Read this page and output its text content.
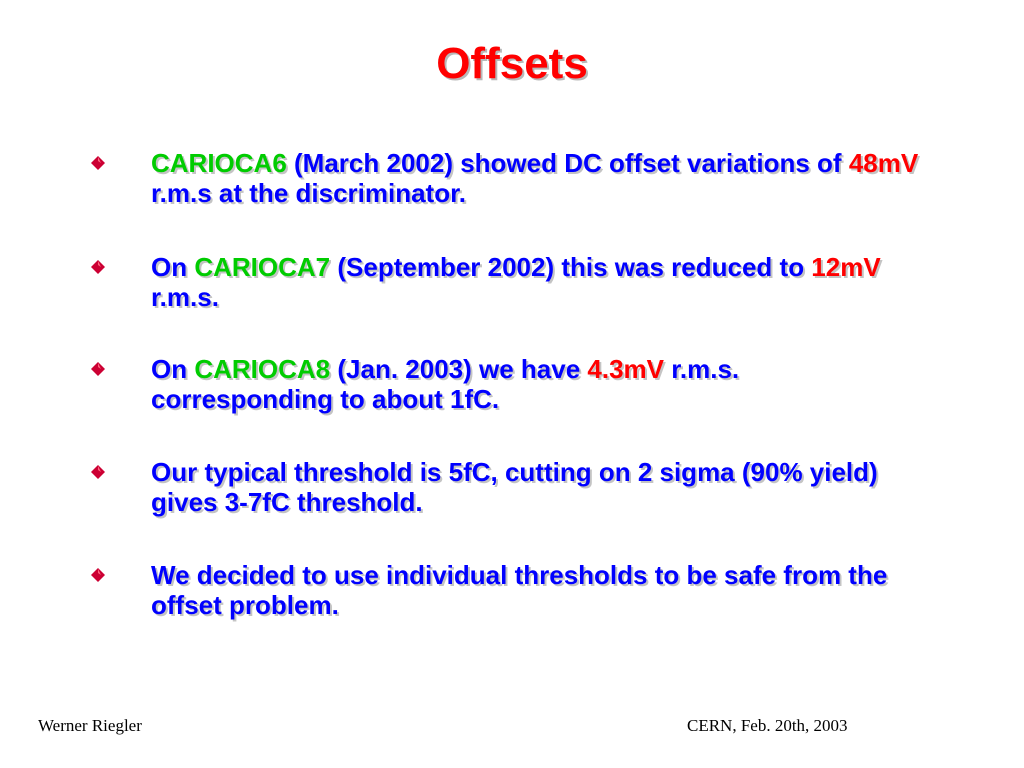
Offsets
CARIOCA6 (March 2002) showed DC offset variations of 48mV r.m.s at the discriminator.
On CARIOCA7 (September 2002) this was reduced to 12mV r.m.s.
On CARIOCA8 (Jan. 2003) we have 4.3mV r.m.s. corresponding to about 1fC.
Our typical threshold is 5fC, cutting on 2 sigma (90% yield) gives 3-7fC threshold.
We decided to use individual thresholds to be safe from the offset problem.
Werner Riegler	CERN, Feb. 20th, 2003
